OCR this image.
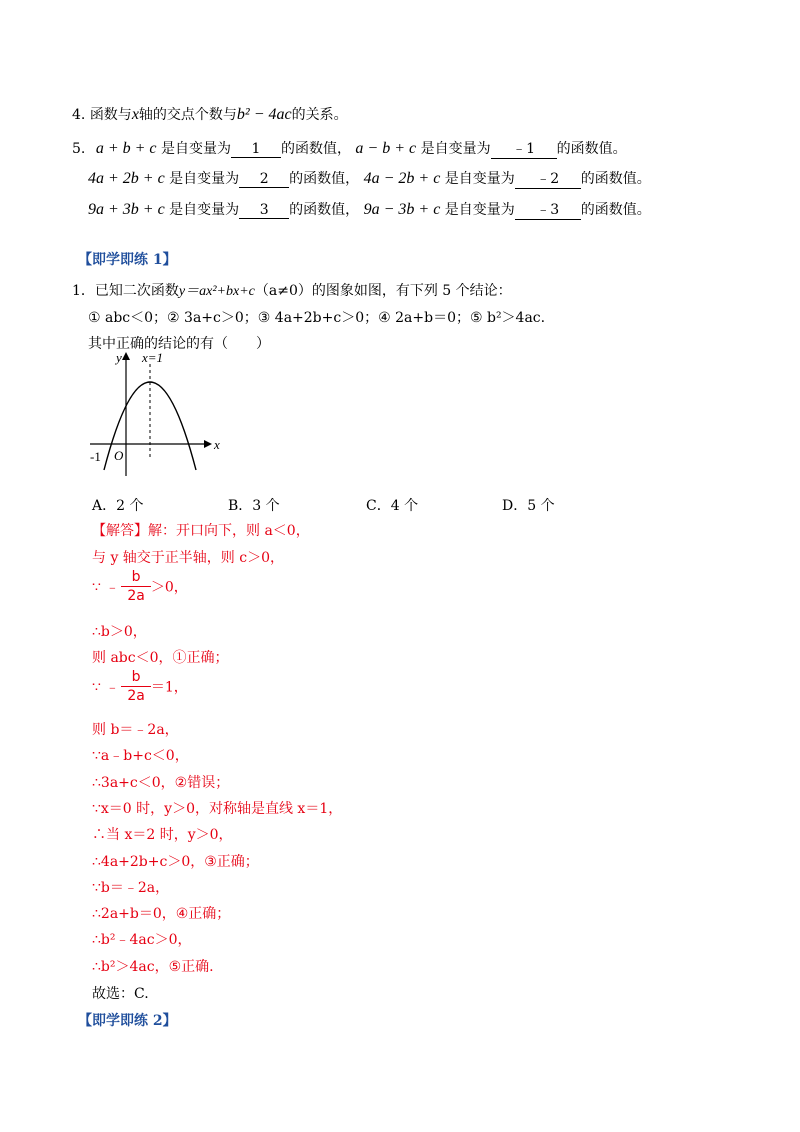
4. 函数与x轴的交点个数与b² − 4ac的关系。
5. a + b + c 是自变量为 1 的函数值， a − b + c 是自变量为 ﹣1 的函数值。
4a + 2b + c 是自变量为 2 的函数值， 4a − 2b + c 是自变量为 ﹣2 的函数值。
9a + 3b + c 是自变量为 3 的函数值， 9a − 3b + c 是自变量为 ﹣3 的函数值。
【即学即练 1】
1．已知二次函数y＝ax²+bx+c（a≠0）的图象如图，有下列 5 个结论：
① abc＜0；② 3a+c＞0；③ 4a+2b+c＞0；④ 2a+b＝0；⑤ b²＞4ac.
其中正确的结论的有（　　）
y x=1
x
-1 O
A．2 个	B．3 个	C．4 个	D．5 个
【解答】解：开口向下，则 a＜0，
与 y 轴交于正半轴，则 c＞0，
∵ ﹣ $\frac{b}{2a} >0$，
∴b＞0，
则 abc＜0，①正确；
∵ ﹣ $\frac{b}{2a} =1$，
则 b＝﹣2a，
∵a﹣b+c＜0，
∴3a+c＜0，②错误；
∵x＝0 时，y＞0，对称轴是直线 x＝1，
∴当 x＝2 时，y＞0，
∴4a+2b+c＞0，③正确；
∵b＝﹣2a，
∴2a+b＝0，④正确；
∴b²﹣4ac＞0，
∴b²＞4ac，⑤正确.
故选：C.
【即学即练 2】
